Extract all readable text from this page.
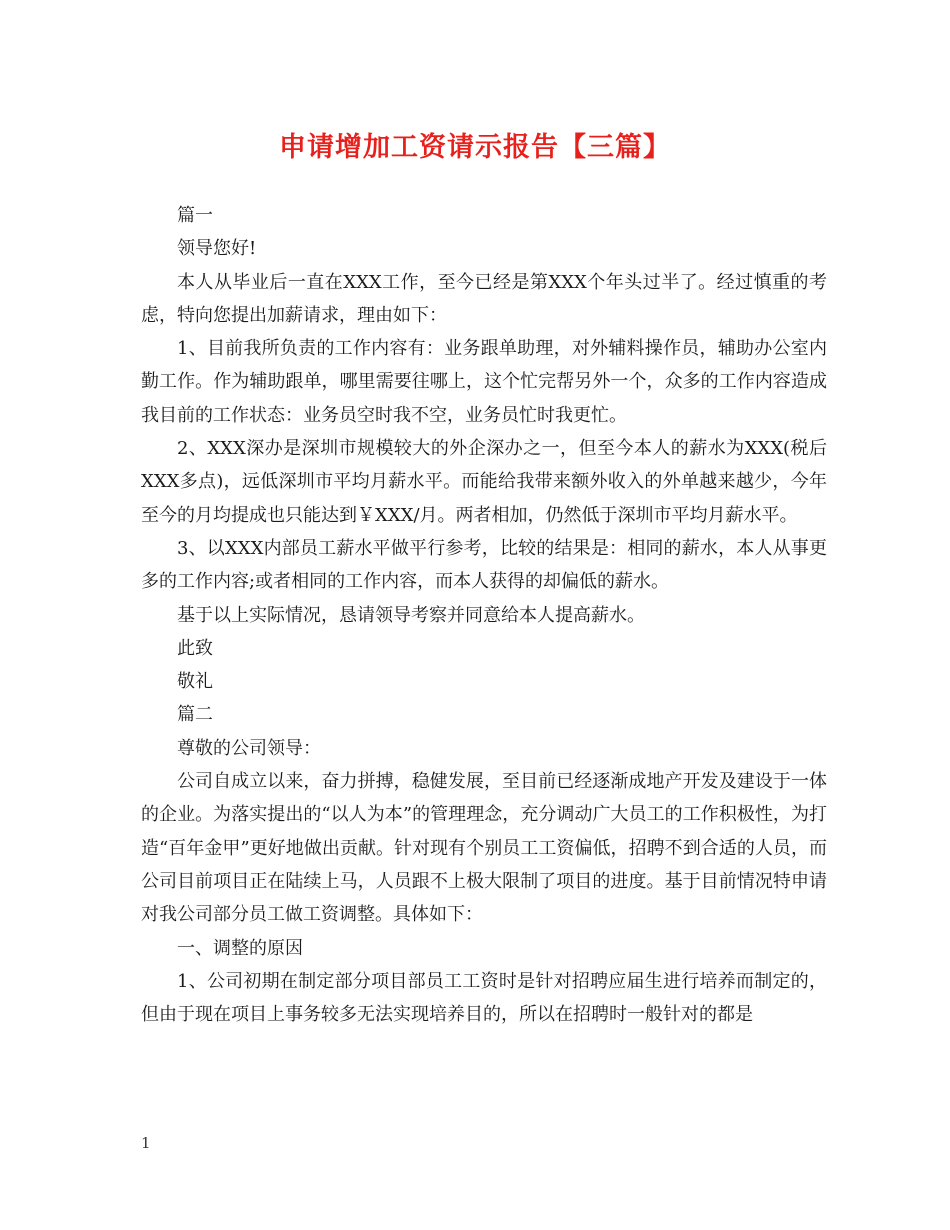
申请增加工资请示报告【三篇】

篇一

领导您好!

本人从毕业后一直在XXX工作，至今已经是第XXX个年头过半了。经过慎重的考虑，特向您提出加薪请求，理由如下：

1、目前我所负责的工作内容有：业务跟单助理，对外辅料操作员，辅助办公室内勤工作。作为辅助跟单，哪里需要往哪上，这个忙完帮另外一个，众多的工作内容造成我目前的工作状态：业务员空时我不空，业务员忙时我更忙。

2、XXX深办是深圳市规模较大的外企深办之一，但至今本人的薪水为XXX(税后XXX多点)，远低深圳市平均月薪水平。而能给我带来额外收入的外单越来越少，今年至今的月均提成也只能达到￥XXX/月。两者相加，仍然低于深圳市平均月薪水平。

3、以XXX内部员工薪水平做平行参考，比较的结果是：相同的薪水，本人从事更多的工作内容;或者相同的工作内容，而本人获得的却偏低的薪水。

基于以上实际情况，恳请领导考察并同意给本人提高薪水。

此致

敬礼

篇二

尊敬的公司领导：

公司自成立以来，奋力拼搏，稳健发展，至目前已经逐渐成地产开发及建设于一体的企业。为落实提出的“以人为本”的管理理念，充分调动广大员工的工作积极性，为打造“百年金甲”更好地做出贡献。针对现有个别员工工资偏低，招聘不到合适的人员，而公司目前项目正在陆续上马，人员跟不上极大限制了项目的进度。基于目前情况特申请对我公司部分员工做工资调整。具体如下：

一、调整的原因

1、公司初期在制定部分项目部员工工资时是针对招聘应届生进行培养而制定的，但由于现在项目上事务较多无法实现培养目的，所以在招聘时一般针对的都是

1
